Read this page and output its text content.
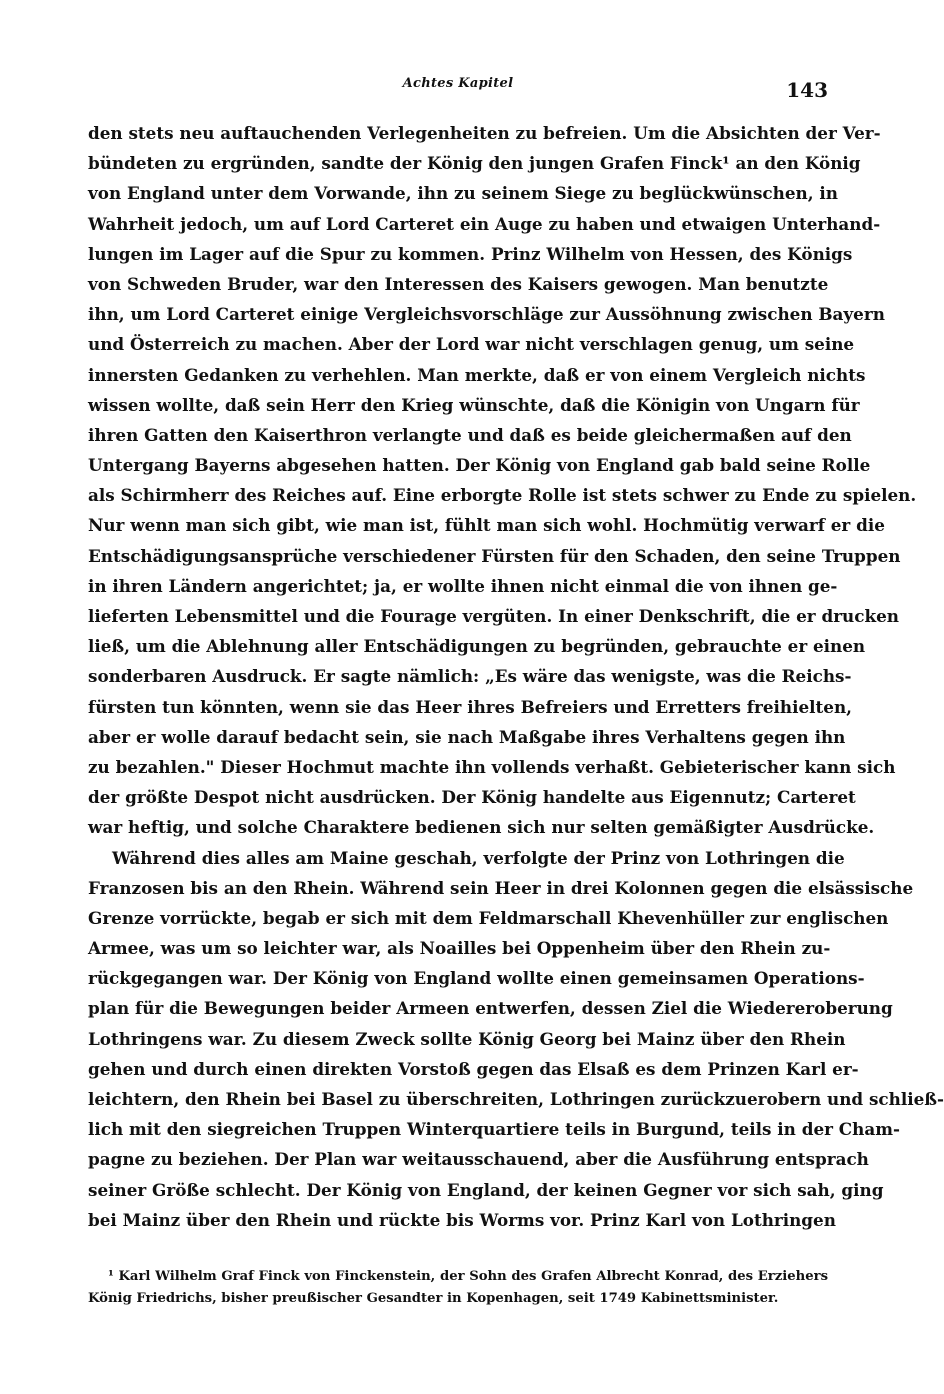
Achtes Kapitel	143
den stets neu auftauchenden Verlegenheiten zu befreien. Um die Absichten der Ver-
bündeten zu ergründen, sandte der König den jungen Grafen Finck¹ an den König
von England unter dem Vorwande, ihn zu seinem Siege zu beglückwünschen, in
Wahrheit jedoch, um auf Lord Carteret ein Auge zu haben und etwaigen Unterhand-
lungen im Lager auf die Spur zu kommen. Prinz Wilhelm von Hessen, des Königs
von Schweden Bruder, war den Interessen des Kaisers gewogen. Man benutzte
ihn, um Lord Carteret einige Vergleichsvorschläge zur Aussöhnung zwischen Bayern
und Österreich zu machen. Aber der Lord war nicht verschlagen genug, um seine
innersten Gedanken zu verhehlen. Man merkte, daß er von einem Vergleich nichts
wissen wollte, daß sein Herr den Krieg wünschte, daß die Königin von Ungarn für
ihren Gatten den Kaiserthron verlangte und daß es beide gleichermaßen auf den
Untergang Bayerns abgesehen hatten. Der König von England gab bald seine Rolle
als Schirmherr des Reiches auf. Eine erborgte Rolle ist stets schwer zu Ende zu spielen.
Nur wenn man sich gibt, wie man ist, fühlt man sich wohl. Hochmütig verwarf er die
Entschädigungsansprüche verschiedener Fürsten für den Schaden, den seine Truppen
in ihren Ländern angerichtet; ja, er wollte ihnen nicht einmal die von ihnen ge-
lieferten Lebensmittel und die Fourage vergüten. In einer Denkschrift, die er drucken
ließ, um die Ablehnung aller Entschädigungen zu begründen, gebrauchte er einen
sonderbaren Ausdruck. Er sagte nämlich: „Es wäre das wenigste, was die Reichs-
fürsten tun könnten, wenn sie das Heer ihres Befreiers und Erretters freihielten,
aber er wolle darauf bedacht sein, sie nach Maßgabe ihres Verhaltens gegen ihn
zu bezahlen." Dieser Hochmut machte ihn vollends verhaßt. Gebieterischer kann sich
der größte Despot nicht ausdrücken. Der König handelte aus Eigennutz; Carteret
war heftig, und solche Charaktere bedienen sich nur selten gemäßigter Ausdrücke.
Während dies alles am Maine geschah, verfolgte der Prinz von Lothringen die
Franzosen bis an den Rhein. Während sein Heer in drei Kolonnen gegen die elsässische
Grenze vorrückte, begab er sich mit dem Feldmarschall Khevenhüller zur englischen
Armee, was um so leichter war, als Noailles bei Oppenheim über den Rhein zu-
rückgegangen war. Der König von England wollte einen gemeinsamen Operations-
plan für die Bewegungen beider Armeen entwerfen, dessen Ziel die Wiedereroberung
Lothringens war. Zu diesem Zweck sollte König Georg bei Mainz über den Rhein
gehen und durch einen direkten Vorstoß gegen das Elsaß es dem Prinzen Karl er-
leichtern, den Rhein bei Basel zu überschreiten, Lothringen zurückzuerobern und schließ-
lich mit den siegreichen Truppen Winterquartiere teils in Burgund, teils in der Cham-
pagne zu beziehen. Der Plan war weitausschauend, aber die Ausführung entsprach
seiner Größe schlecht. Der König von England, der keinen Gegner vor sich sah, ging
bei Mainz über den Rhein und rückte bis Worms vor. Prinz Karl von Lothringen
¹ Karl Wilhelm Graf Finck von Finckenstein, der Sohn des Grafen Albrecht Konrad, des Erziehers
König Friedrichs, bisher preußischer Gesandter in Kopenhagen, seit 1749 Kabinettsminister.
